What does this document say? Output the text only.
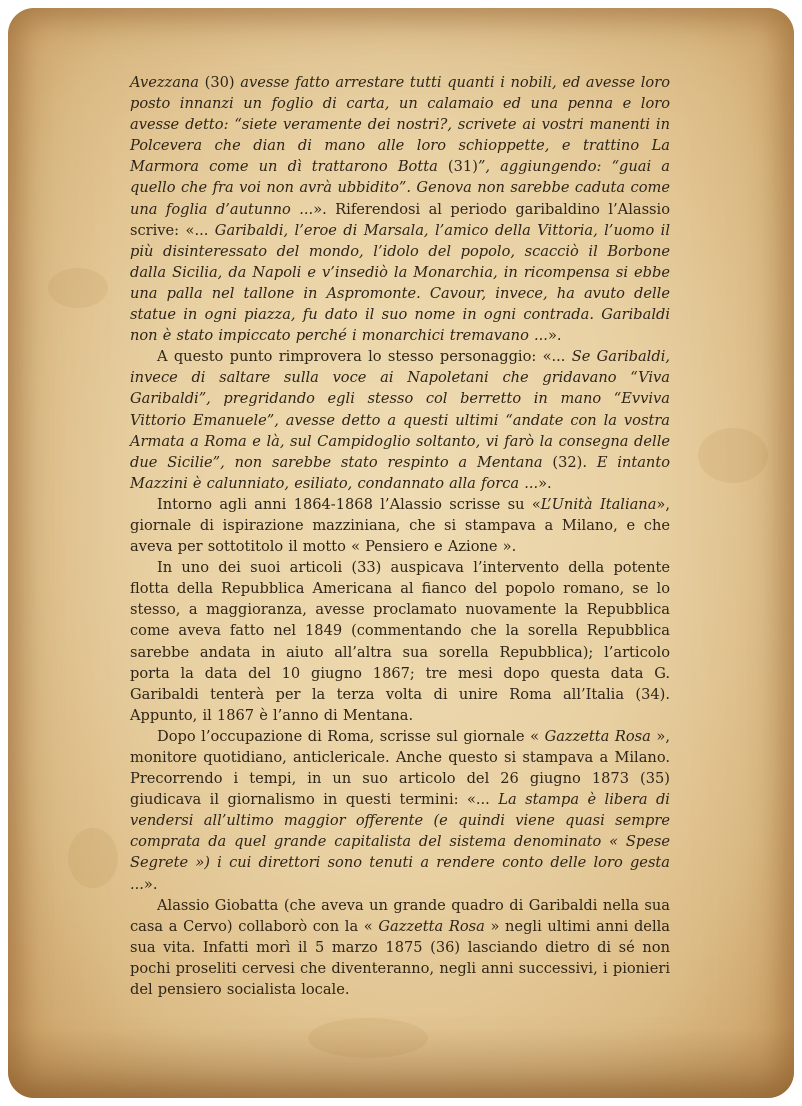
Avezzana (30) avesse fatto arrestare tutti quanti i nobili, ed avesse loro posto innanzi un foglio di carta, un calamaio ed una penna e loro avesse detto: “siete veramente dei nostri?, scrivete ai vostri manenti in Polcevera che dian di mano alle loro schioppette, e trattino La Marmora come un dì trattarono Botta (31)”, aggiungendo: “guai a quello che fra voi non avrà ubbidito”. Genova non sarebbe caduta come una foglia d’autunno ...». Riferendosi al periodo garibaldino l’Alassio scrive: «... Garibaldi, l’eroe di Marsala, l’amico della Vittoria, l’uomo il più disinteressato del mondo, l’idolo del popolo, scacciò il Borbone dalla Sicilia, da Napoli e v’insediò la Monarchia, in ricompensa si ebbe una palla nel tallone in Aspromonte. Cavour, invece, ha avuto delle statue in ogni piazza, fu dato il suo nome in ogni contrada. Garibaldi non è stato impiccato perché i monarchici tremavano ...».

A questo punto rimprovera lo stesso personaggio: «... Se Garibaldi, invece di saltare sulla voce ai Napoletani che gridavano “Viva Garibaldi”, pregridando egli stesso col berretto in mano “Evviva Vittorio Emanuele”, avesse detto a questi ultimi “andate con la vostra Armata a Roma e là, sul Campidoglio soltanto, vi farò la consegna delle due Sicilie”, non sarebbe stato respinto a Mentana (32). E intanto Mazzini è calunniato, esiliato, condannato alla forca ...».

Intorno agli anni 1864-1868 l’Alassio scrisse su «L’Unità Italiana», giornale di ispirazione mazziniana, che si stampava a Milano, e che aveva per sottotitolo il motto « Pensiero e Azione ».

In uno dei suoi articoli (33) auspicava l’intervento della potente flotta della Repubblica Americana al fianco del popolo romano, se lo stesso, a maggioranza, avesse proclamato nuovamente la Repubblica come aveva fatto nel 1849 (commentando che la sorella Repubblica sarebbe andata in aiuto all’altra sua sorella Repubblica); l’articolo porta la data del 10 giugno 1867; tre mesi dopo questa data G. Garibaldi tenterà per la terza volta di unire Roma all’Italia (34). Appunto, il 1867 è l’anno di Mentana.

Dopo l’occupazione di Roma, scrisse sul giornale « Gazzetta Rosa », monitore quotidiano, anticlericale. Anche questo si stampava a Milano. Precorrendo i tempi, in un suo articolo del 26 giugno 1873 (35) giudicava il giornalismo in questi termini: «... La stampa è libera di vendersi all’ultimo maggior offerente (e quindi viene quasi sempre comprata da quel grande capitalista del sistema denominato « Spese Segrete ») i cui direttori sono tenuti a rendere conto delle loro gesta ...».

Alassio Giobatta (che aveva un grande quadro di Garibaldi nella sua casa a Cervo) collaborò con la « Gazzetta Rosa » negli ultimi anni della sua vita. Infatti morì il 5 marzo 1875 (36) lasciando dietro di sé non pochi proseliti cervesi che diventeranno, negli anni successivi, i pionieri del pensiero socialista locale.
